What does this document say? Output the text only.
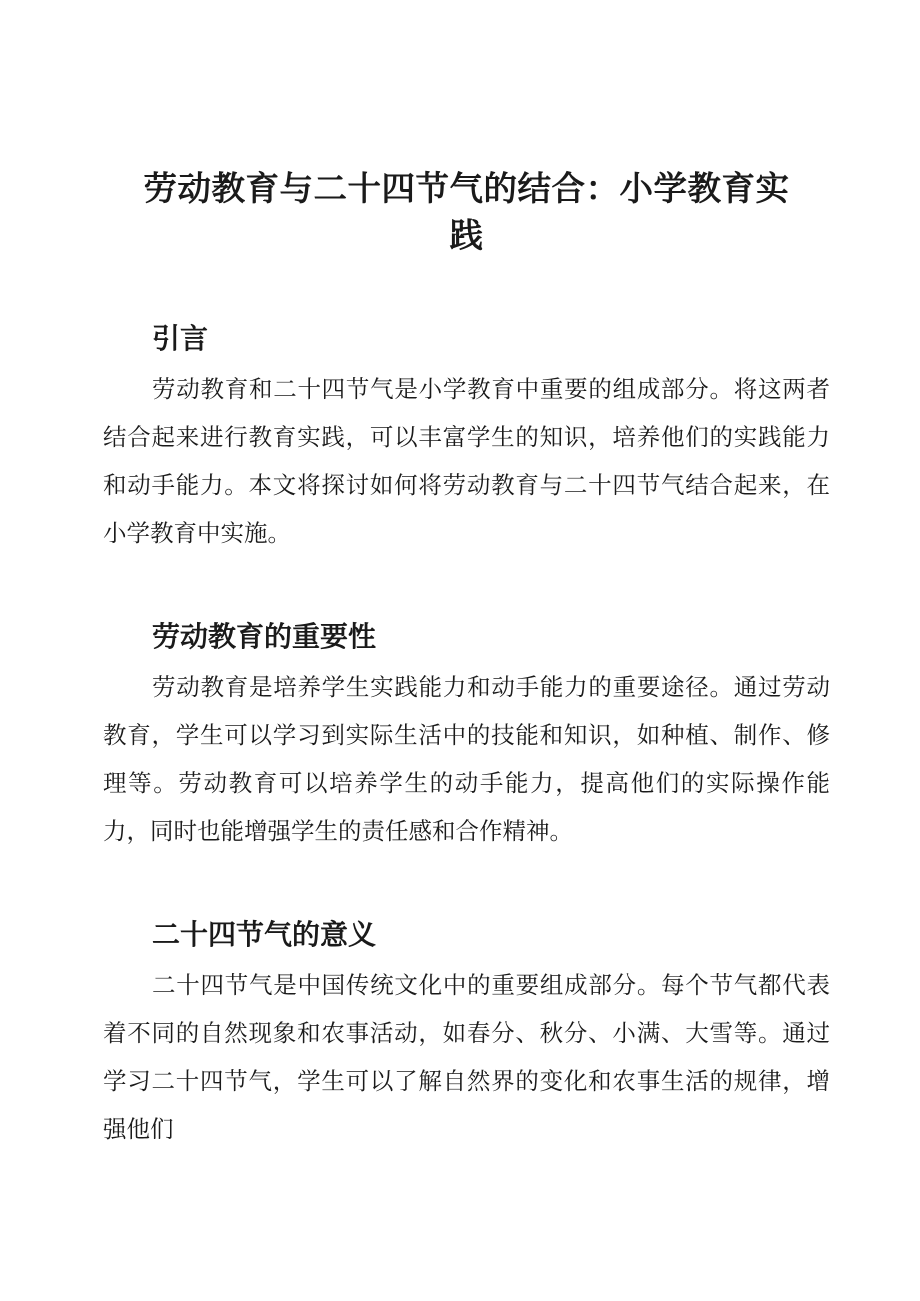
劳动教育与二十四节气的结合：小学教育实
践
引言

劳动教育和二十四节气是小学教育中重要的组成部分。将这两者结合起来进行教育实践，可以丰富学生的知识，培养他们的实践能力和动手能力。本文将探讨如何将劳动教育与二十四节气结合起来，在小学教育中实施。

劳动教育的重要性

劳动教育是培养学生实践能力和动手能力的重要途径。通过劳动教育，学生可以学习到实际生活中的技能和知识，如种植、制作、修理等。劳动教育可以培养学生的动手能力，提高他们的实际操作能力，同时也能增强学生的责任感和合作精神。

二十四节气的意义

二十四节气是中国传统文化中的重要组成部分。每个节气都代表着不同的自然现象和农事活动，如春分、秋分、小满、大雪等。通过学习二十四节气，学生可以了解自然界的变化和农事生活的规律，增强他们
